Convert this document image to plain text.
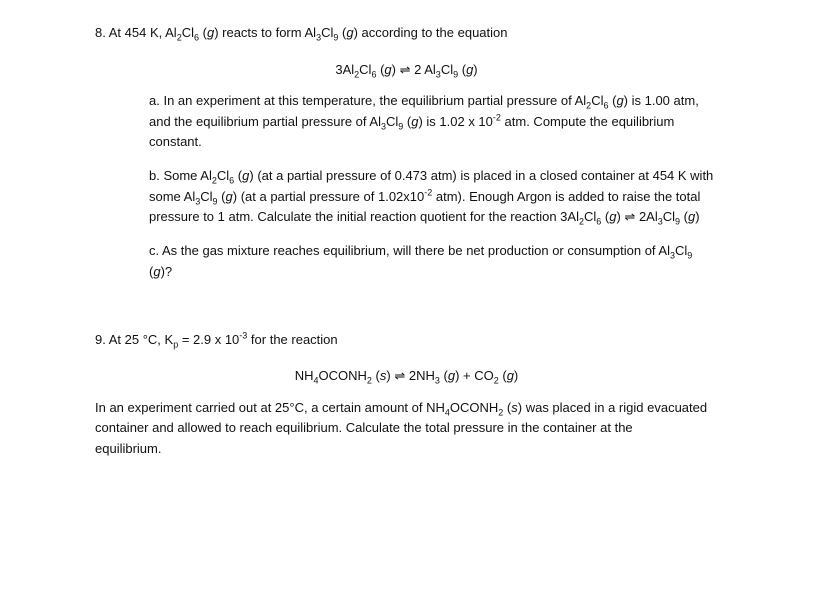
8. At 454 K, $Al_2Cl_6$ (g) reacts to form $Al_3Cl_9$ (g) according to the equation
$3Al_2Cl_6$ (g) ⇌ 2 $Al_3Cl_9$ (g)
a. In an experiment at this temperature, the equilibrium partial pressure of $Al_2Cl_6$ (g) is 1.00 atm,
and the equilibrium partial pressure of $Al_3Cl_9$ (g) is 1.02 x $10^{-2}$ atm. Compute the equilibrium
constant.
b. Some $Al_2Cl_6$ (g) (at a partial pressure of 0.473 atm) is placed in a closed container at 454 K with
some $Al_3Cl_9$ (g) (at a partial pressure of $1.02x10^{-2}$ atm). Enough Argon is added to raise the total
pressure to 1 atm. Calculate the initial reaction quotient for the reaction $3Al_2Cl_6$ (g) ⇌ $2Al_3Cl_9$ (g)
c. As the gas mixture reaches equilibrium, will there be net production or consumption of $Al_3Cl_9$
(g)?
9. At 25 °C, $K_p = 2.9$ x $10^{-3}$ for the reaction
$NH_4OCONH_2$ (s) ⇌ $2NH_3$ $(g) + CO_2$ (g)
In an experiment carried out at 25°C, a certain amount of $NH_4OCONH_2$ (s) was placed in a rigid evacuated
container and allowed to reach equilibrium. Calculate the total pressure in the container at the
equilibrium.
